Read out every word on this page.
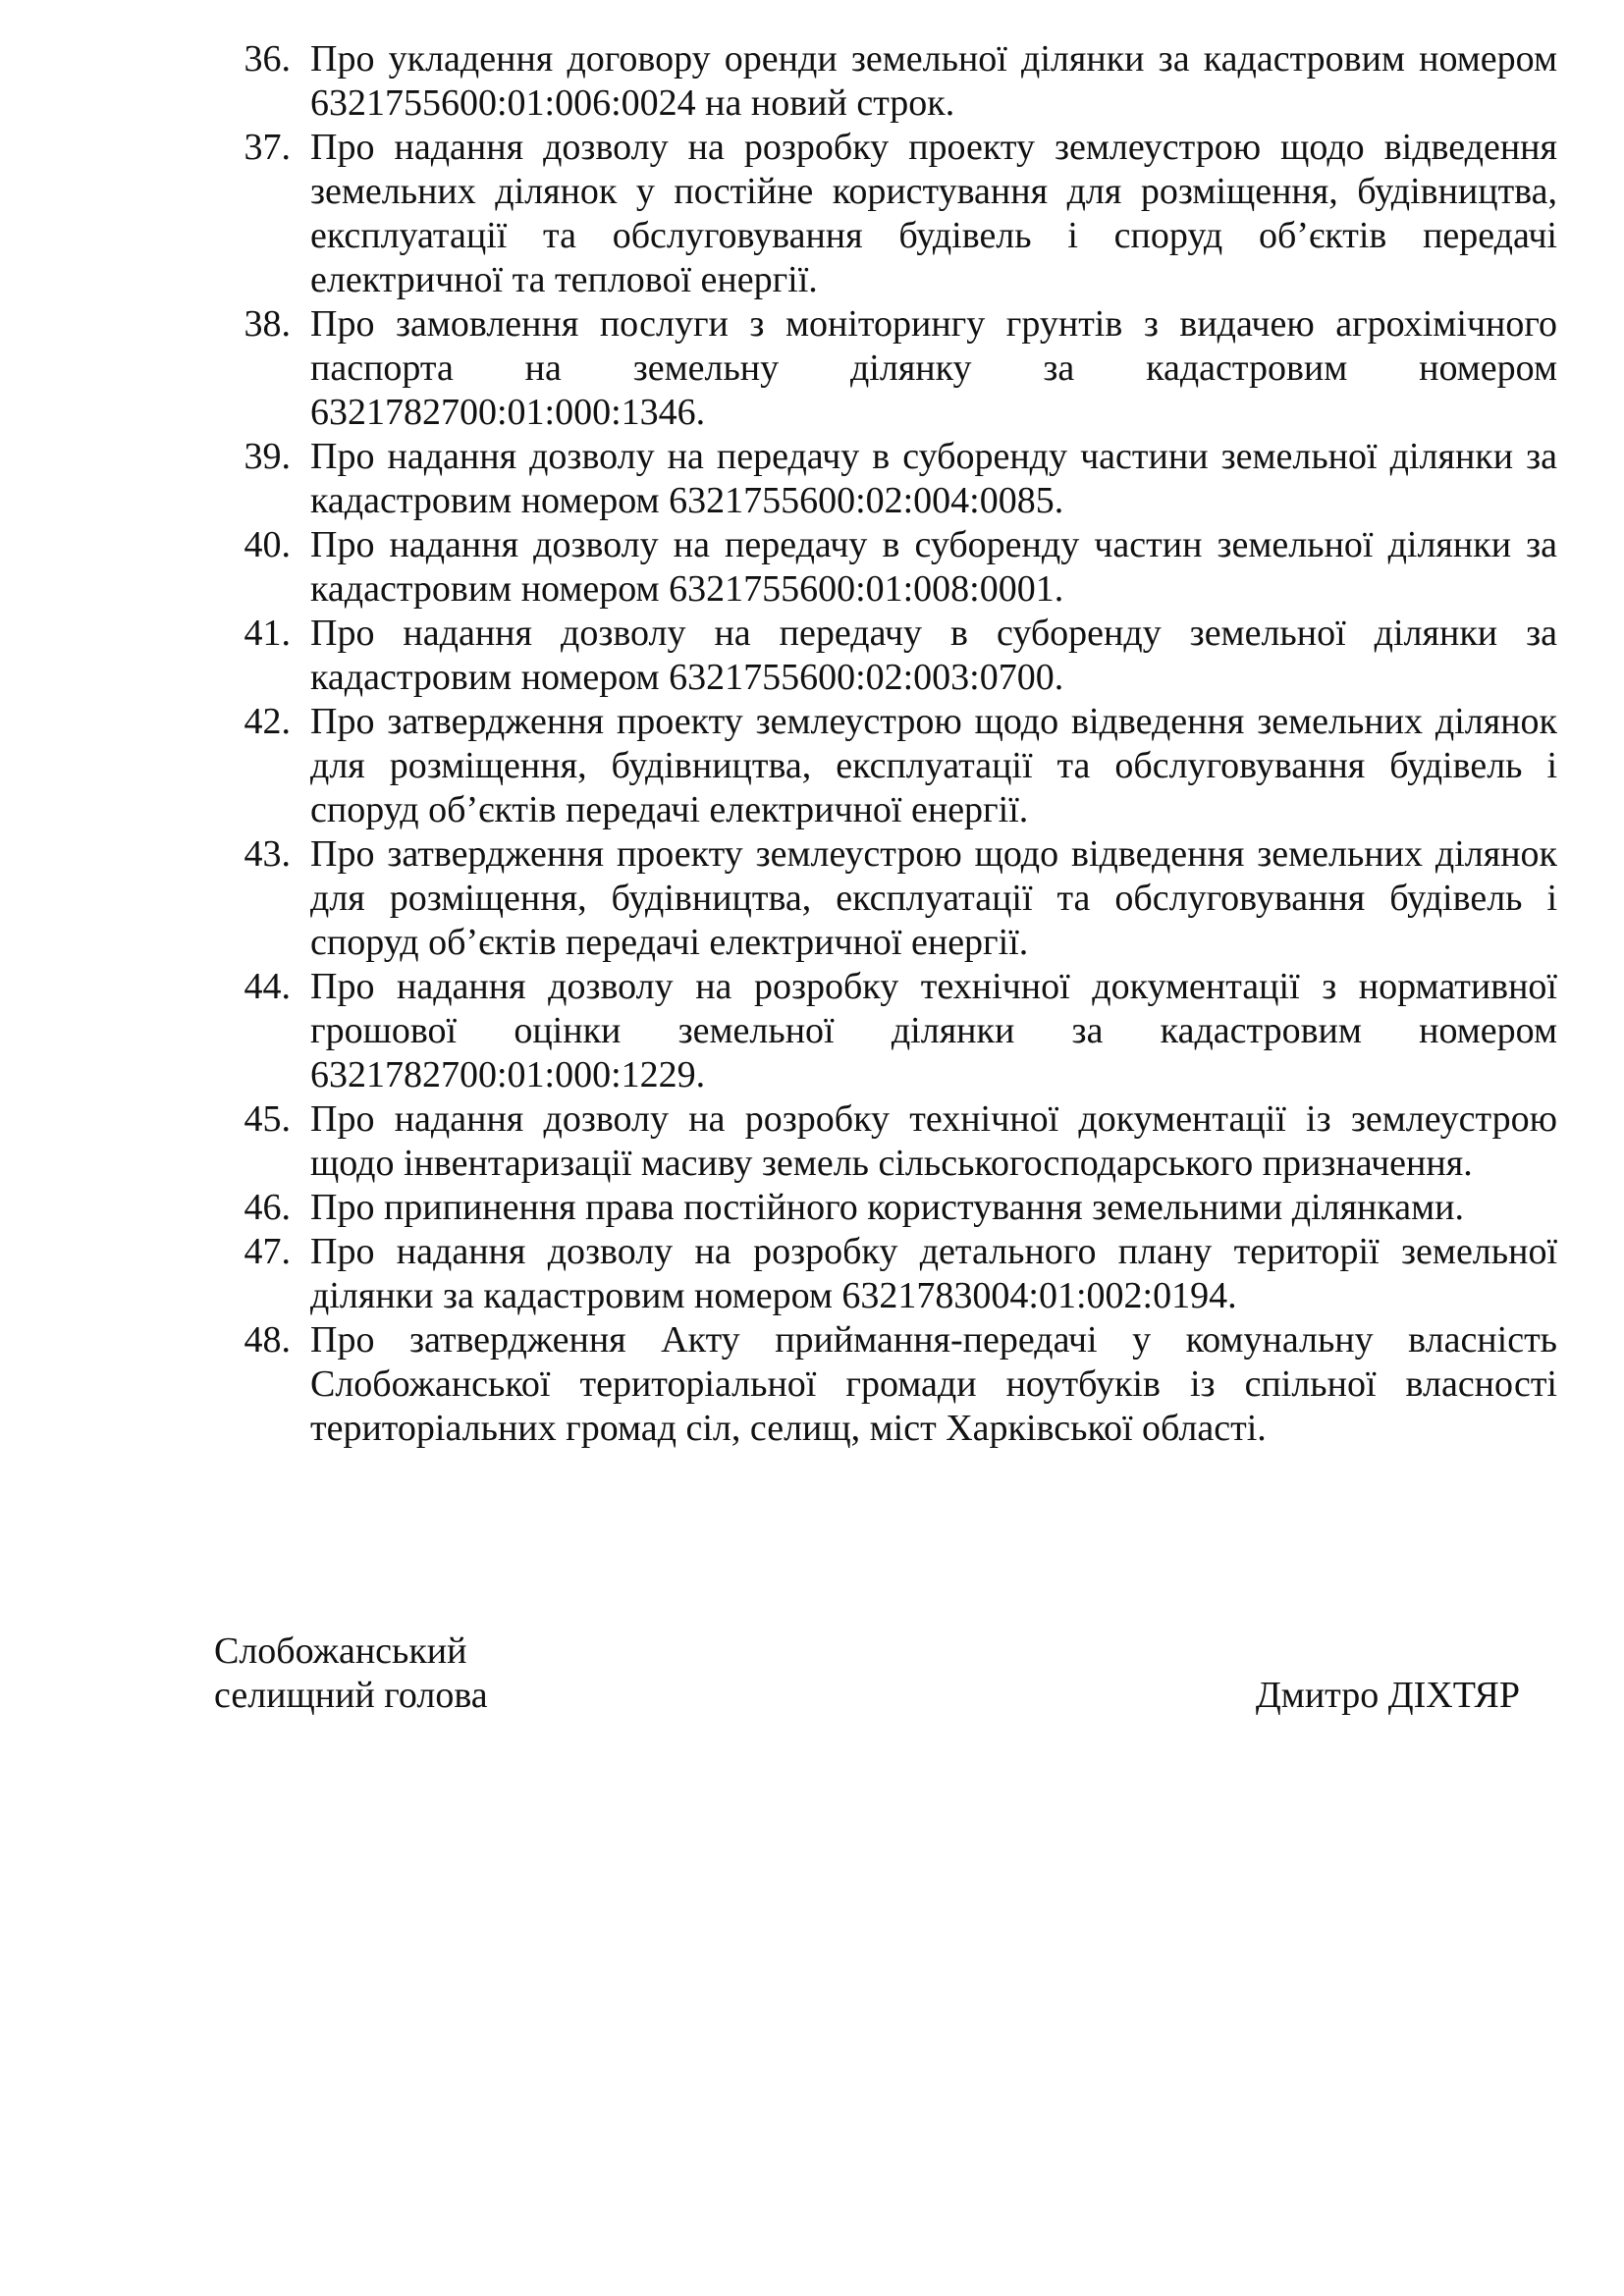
36. Про укладення договору оренди земельної ділянки за кадастровим номером 6321755600:01:006:0024 на новий строк.
37. Про надання дозволу на розробку проекту землеустрою щодо відведення земельних ділянок у постійне користування для розміщення, будівництва, експлуатації та обслуговування будівель і споруд об’єктів передачі електричної та теплової енергії.
38. Про замовлення послуги з моніторингу грунтів з видачею агрохімічного паспорта на земельну ділянку за кадастровим номером 6321782700:01:000:1346.
39. Про надання дозволу на передачу в суборенду частини земельної ділянки за кадастровим номером 6321755600:02:004:0085.
40. Про надання дозволу на передачу в суборенду частин земельної ділянки за кадастровим номером 6321755600:01:008:0001.
41. Про надання дозволу на передачу в суборенду земельної ділянки за кадастровим номером 6321755600:02:003:0700.
42. Про затвердження проекту землеустрою щодо відведення земельних ділянок для розміщення, будівництва, експлуатації та обслуговування будівель і споруд об’єктів передачі електричної енергії.
43. Про затвердження проекту землеустрою щодо відведення земельних ділянок для розміщення, будівництва, експлуатації та обслуговування будівель і споруд об’єктів передачі електричної енергії.
44. Про надання дозволу на розробку технічної документації з нормативної грошової оцінки земельної ділянки за кадастровим номером 6321782700:01:000:1229.
45. Про надання дозволу на розробку технічної документації із землеустрою щодо інвентаризації масиву земель сільськогосподарського призначення.
46. Про припинення права постійного користування земельними ділянками.
47. Про надання дозволу на розробку детального плану території земельної ділянки за кадастровим номером 6321783004:01:002:0194.
48. Про затвердження Акту приймання-передачі у комунальну власність Слобожанської територіальної громади ноутбуків із спільної власності територіальних громад сіл, селищ, міст Харківської області.
Слобожанський
селищний голова	Дмитро ДІХТЯР
